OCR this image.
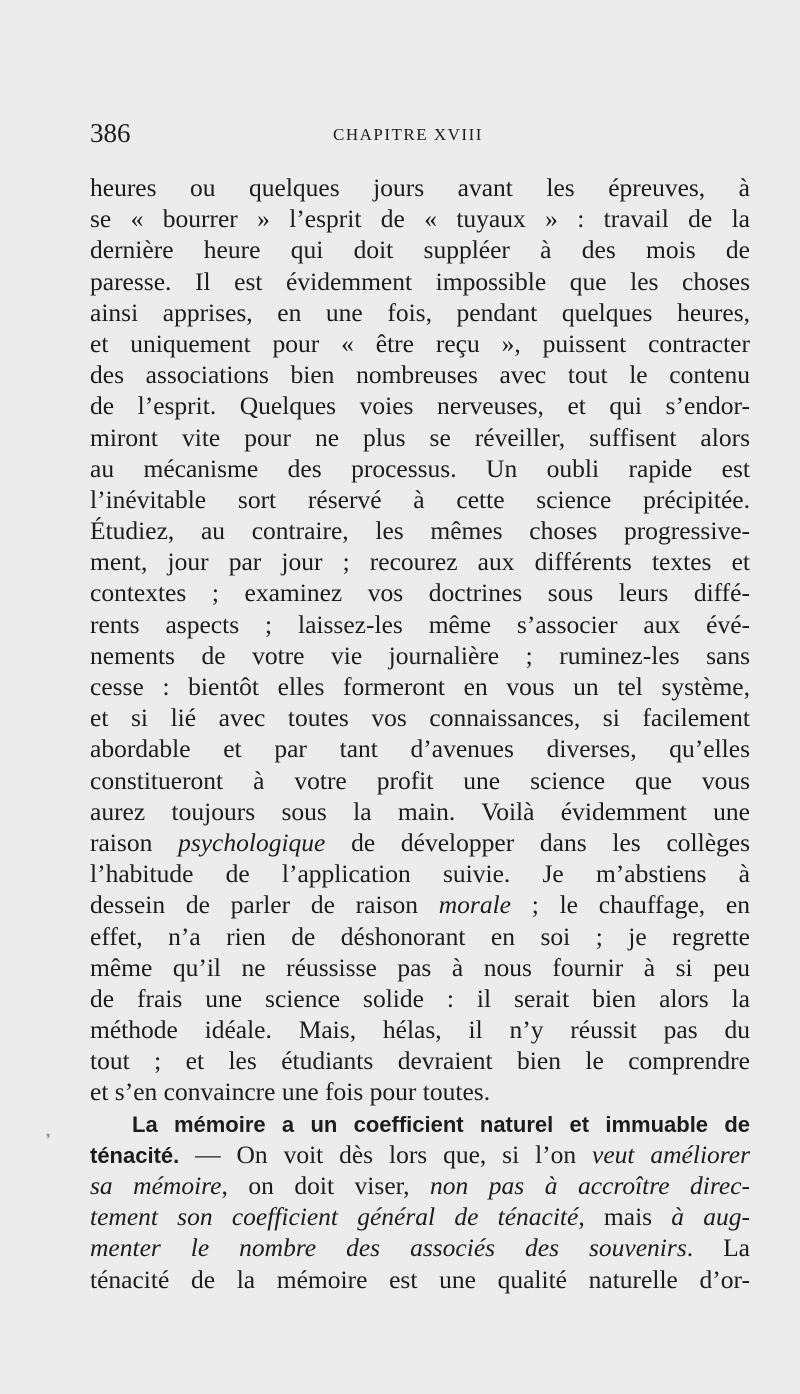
386	CHAPITRE XVIII
heures ou quelques jours avant les épreuves, à
se « bourrer » l’esprit de « tuyaux » : travail de la
dernière heure qui doit suppléer à des mois de
paresse. Il est évidemment impossible que les choses
ainsi apprises, en une fois, pendant quelques heures,
et uniquement pour « être reçu », puissent contracter
des associations bien nombreuses avec tout le contenu
de l’esprit. Quelques voies nerveuses, et qui s’endor-
miront vite pour ne plus se réveiller, suffisent alors
au mécanisme des processus. Un oubli rapide est
l’inévitable sort réservé à cette science précipitée.
Étudiez, au contraire, les mêmes choses progressive-
ment, jour par jour ; recourez aux différents textes et
contextes ; examinez vos doctrines sous leurs diffé-
rents aspects ; laissez-les même s’associer aux évé-
nements de votre vie journalière ; ruminez-les sans
cesse : bientôt elles formeront en vous un tel système,
et si lié avec toutes vos connaissances, si facilement
abordable et par tant d’avenues diverses, qu’elles
constitueront à votre profit une science que vous
aurez toujours sous la main. Voilà évidemment une
raison psychologique de développer dans les collèges
l’habitude de l’application suivie. Je m’abstiens à
dessein de parler de raison morale ; le chauffage, en
effet, n’a rien de déshonorant en soi ; je regrette
même qu’il ne réussisse pas à nous fournir à si peu
de frais une science solide : il serait bien alors la
méthode idéale. Mais, hélas, il n’y réussit pas du
tout ; et les étudiants devraient bien le comprendre
et s’en convaincre une fois pour toutes.
La mémoire a un coefficient naturel et immuable de
ténacité. — On voit dès lors que, si l’on veut améliorer
sa mémoire, on doit viser, non pas à accroître direc-
tement son coefficient général de ténacité, mais à aug-
menter le nombre des associés des souvenirs. La
ténacité de la mémoire est une qualité naturelle d’or-
❜
